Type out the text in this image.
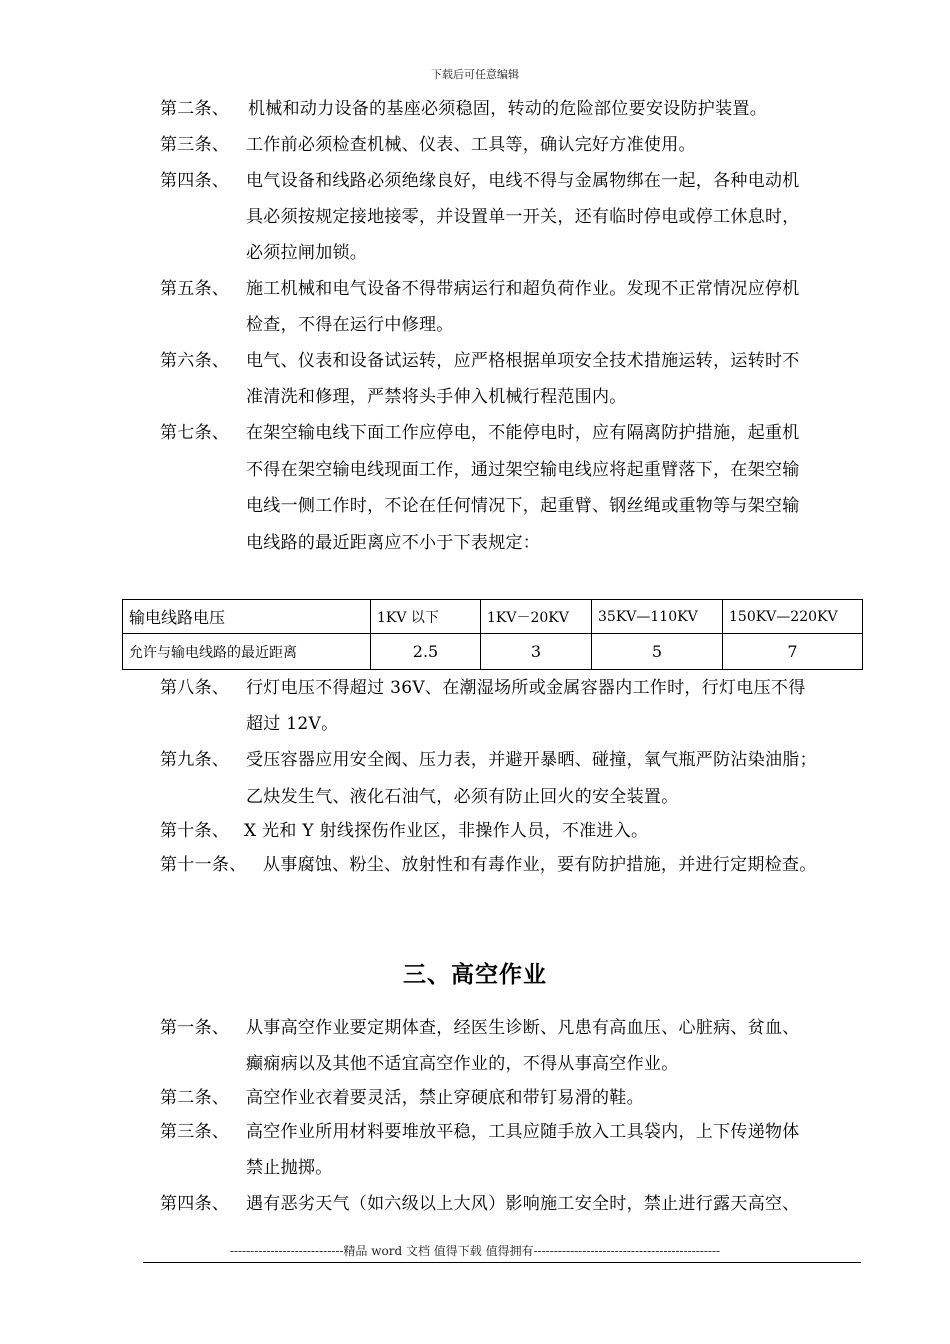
下载后可任意编辑
第二条、 机械和动力设备的基座必须稳固，转动的危险部位要安设防护装置。
第三条、 工作前必须检查机械、仪表、工具等，确认完好方准使用。
第四条、 电气设备和线路必须绝缘良好，电线不得与金属物绑在一起，各种电动机
具必须按规定接地接零，并设置单一开关，还有临时停电或停工休息时，
必须拉闸加锁。
第五条、 施工机械和电气设备不得带病运行和超负荷作业。发现不正常情况应停机
检查，不得在运行中修理。
第六条、 电气、仪表和设备试运转，应严格根据单项安全技术措施运转，运转时不
准清洗和修理，严禁将头手伸入机械行程范围内。
第七条、 在架空输电线下面工作应停电，不能停电时，应有隔离防护措施，起重机
不得在架空输电线现面工作，通过架空输电线应将起重臂落下，在架空输
电线一侧工作时，不论在任何情况下，起重臂、钢丝绳或重物等与架空输
电线路的最近距离应不小于下表规定：
输电线路电压	1KV 以下	1KV－20KV	35KV—110KV	150KV—220KV
允许与输电线路的最近距离	2.5	3	5	7
第八条、 行灯电压不得超过 36V、在潮湿场所或金属容器内工作时，行灯电压不得
超过 12V。
第九条、 受压容器应用安全阀、压力表，并避开暴晒、碰撞，氧气瓶严防沾染油脂；
乙炔发生气、液化石油气，必须有防止回火的安全装置。
第十条、 X 光和 Y 射线探伤作业区，非操作人员，不准进入。
第十一条、 从事腐蚀、粉尘、放射性和有毒作业，要有防护措施，并进行定期检查。
三、高空作业
第一条、 从事高空作业要定期体查，经医生诊断、凡患有高血压、心脏病、贫血、
癫痫病以及其他不适宜高空作业的，不得从事高空作业。
第二条、 高空作业衣着要灵活，禁止穿硬底和带钉易滑的鞋。
第三条、 高空作业所用材料要堆放平稳，工具应随手放入工具袋内，上下传递物体
禁止抛掷。
第四条、 遇有恶劣天气（如六级以上大风）影响施工安全时，禁止进行露天高空、
----------------------------精品 word 文档 值得下载 值得拥有----------------------------------------------
